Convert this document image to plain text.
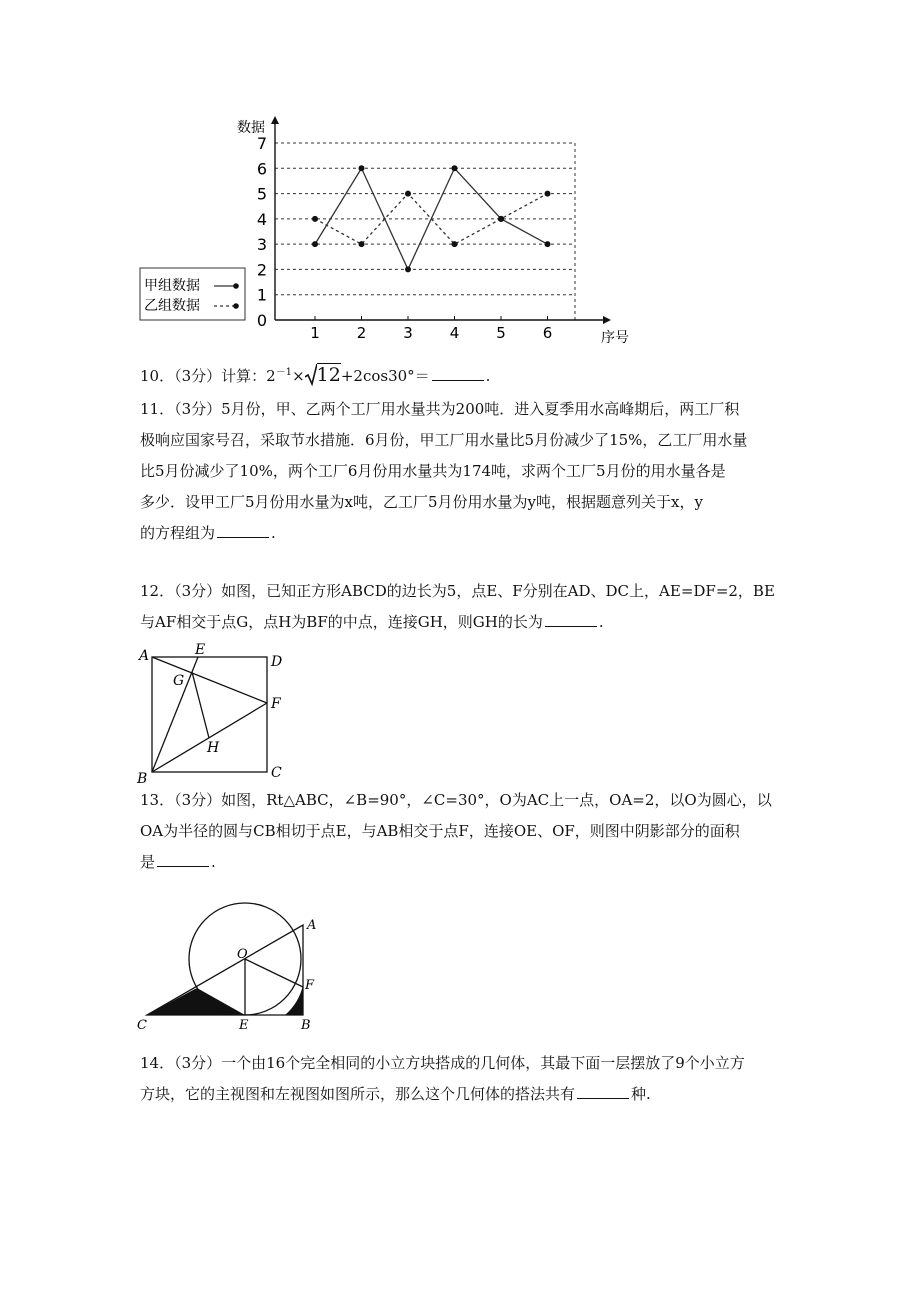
0
1
2
3
4
5
6
7
1 2 3 4 5 6
数据
序号
甲组数据
乙组数据

10．（3分）计算：$2^{-1}\times 12+2\cos 30^\circ=$	.

11．（3分）5月份，甲、乙两个工厂用水量共为200吨．进入夏季用水高峰期后，两工厂积

极响应国家号召，采取节水措施．6月份，甲工厂用水量比5月份减少了15%，乙工厂用水量

比5月份减少了10%，两个工厂6月份用水量共为174吨，求两个工厂5月份的用水量各是

多少．设甲工厂5月份用水量为x吨，乙工厂5月份用水量为y吨，根据题意列关于x，y

的方程组为	.

12．（3分）如图，已知正方形ABCD的边长为5，点E、F分别在AD、DC上，AE=DF=2，BE

与AF相交于点G，点H为BF的中点，连接GH，则GH的长为	.

A	E
D
G
F
H
B	C

13．（3分）如图，Rt△ABC，∠B=90°，∠C=30°，O为AC上一点，OA=2，以O为圆心，以

OA为半径的圆与CB相切于点E，与AB相交于点F，连接OE、OF，则图中阴影部分的面积

是	.

A
O
F
C	E	B

14．（3分）一个由16个完全相同的小立方块搭成的几何体，其最下面一层摆放了9个小立方

方块，它的主视图和左视图如图所示，那么这个几何体的搭法共有	种.
